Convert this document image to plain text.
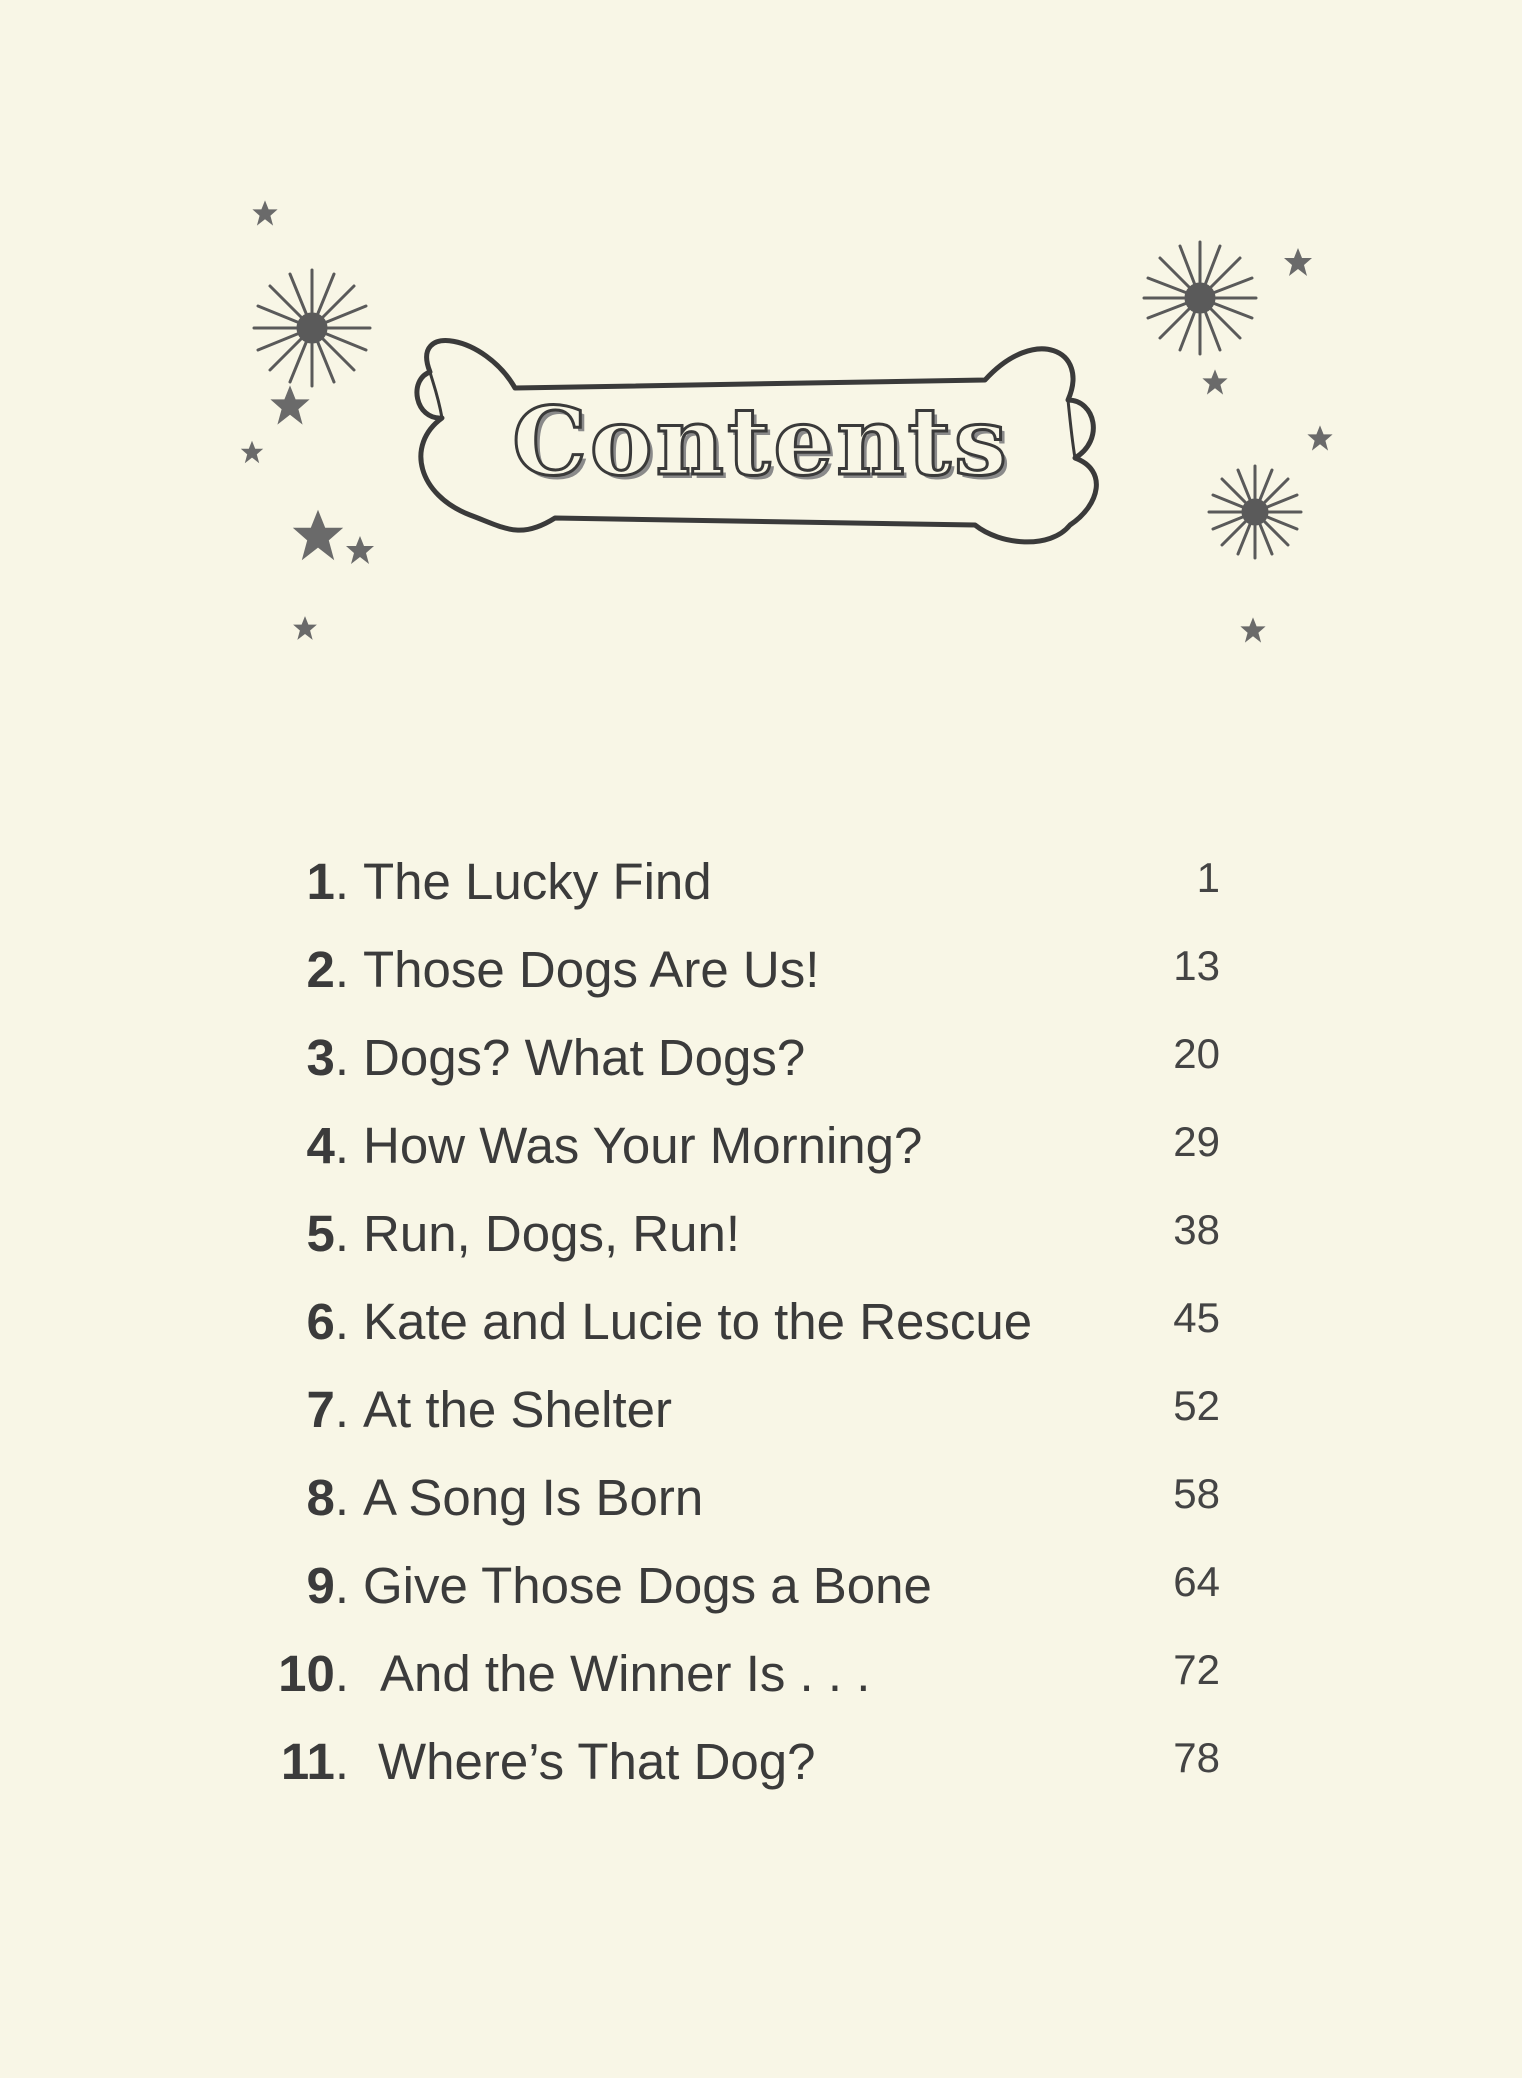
Contents
1. The Lucky Find	1
2. Those Dogs Are Us!	13
3. Dogs? What Dogs?	20
4. How Was Your Morning?	29
5. Run, Dogs, Run!	38
6. Kate and Lucie to the Rescue	45
7. At the Shelter	52
8. A Song Is Born	58
9. Give Those Dogs a Bone	64
10. And the Winner Is . . .	72
11. Where’s That Dog?	78
